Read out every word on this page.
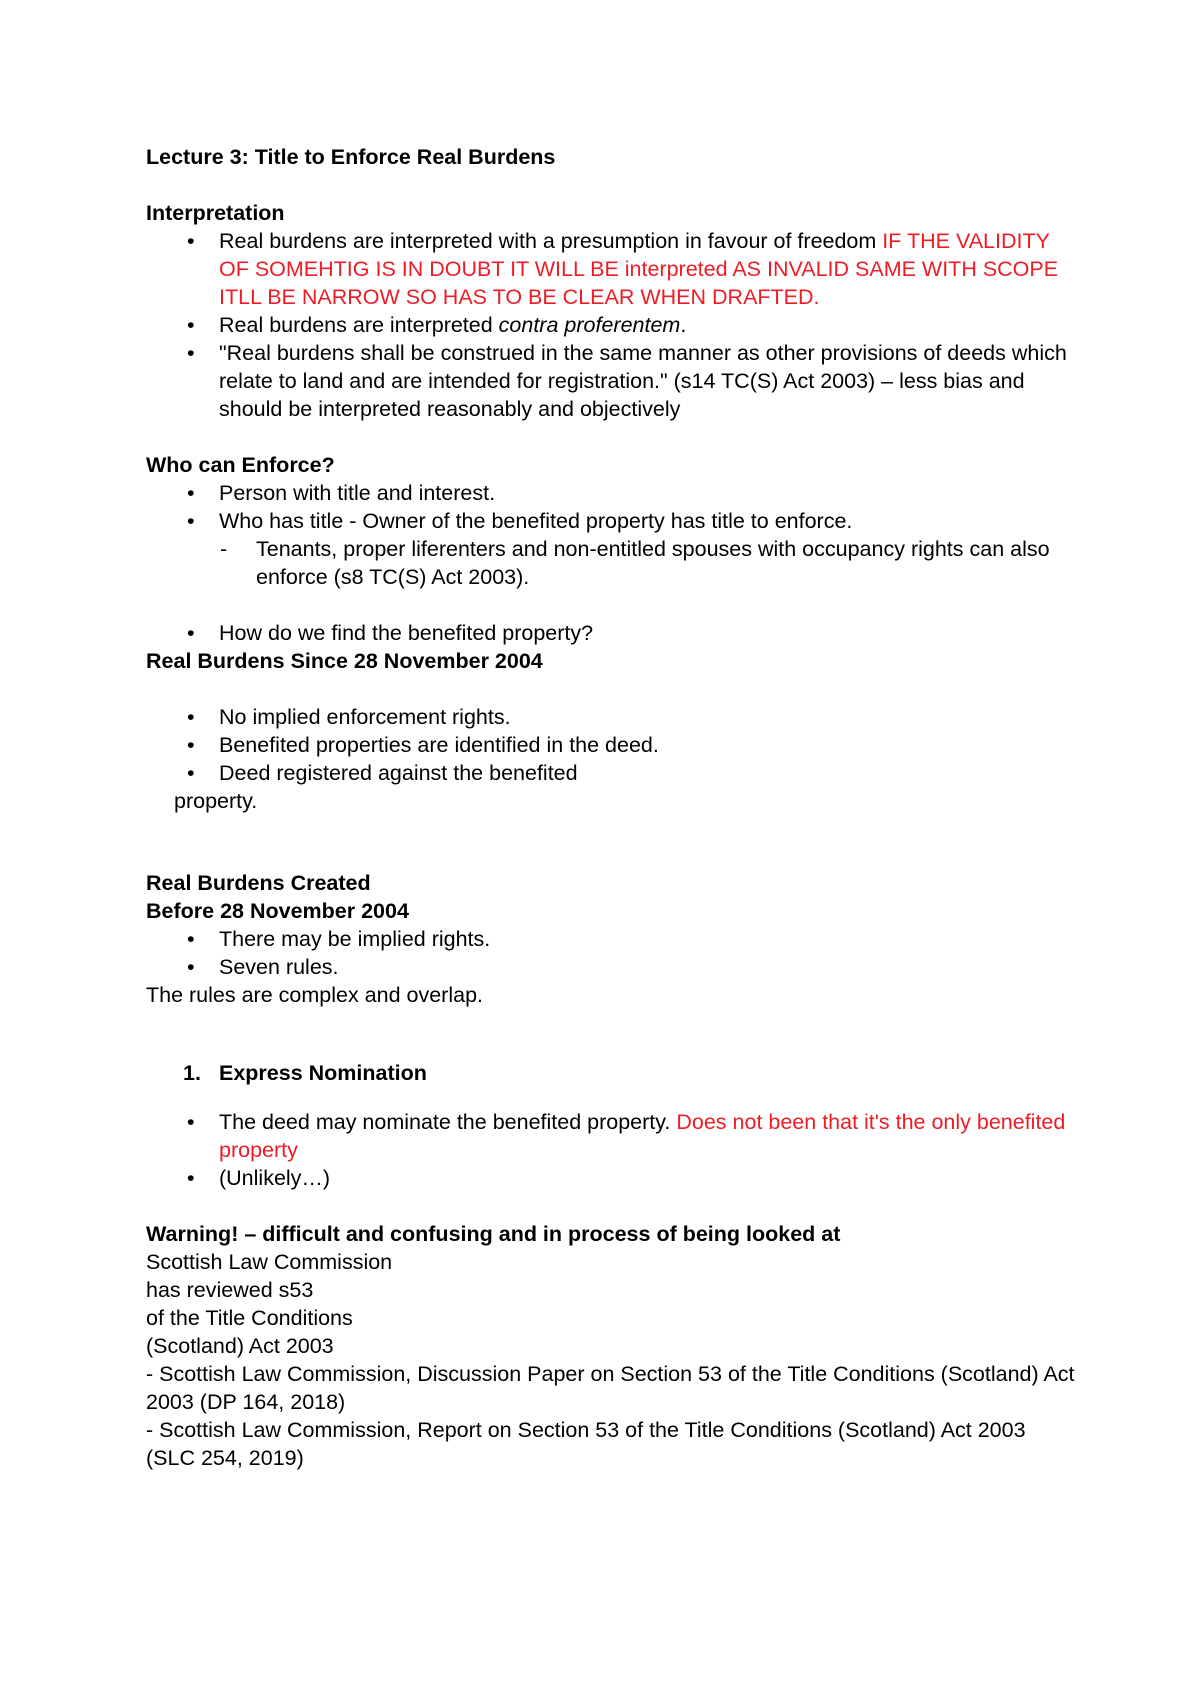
Lecture 3: Title to Enforce Real Burdens

Interpretation

• Real burdens are interpreted with a presumption in favour of freedom IF THE VALIDITY OF SOMEHTIG IS IN DOUBT IT WILL BE interpreted AS INVALID SAME WITH SCOPE ITLL BE NARROW SO HAS TO BE CLEAR WHEN DRAFTED.
• Real burdens are interpreted contra proferentem.
• "Real burdens shall be construed in the same manner as other provisions of deeds which relate to land and are intended for registration." (s14 TC(S) Act 2003) – less bias and should be interpreted reasonably and objectively

Who can Enforce?

• Person with title and interest.
• Who has title - Owner of the benefited property has title to enforce.
- Tenants, proper liferenters and non-entitled spouses with occupancy rights can also enforce (s8 TC(S) Act 2003).
• How do we find the benefited property?

Real Burdens Since 28 November 2004

• No implied enforcement rights.
• Benefited properties are identified in the deed.
• Deed registered against the benefited

property.

Real Burdens Created

Before 28 November 2004

• There may be implied rights.
• Seven rules.

The rules are complex and overlap.

1. Express Nomination

• The deed may nominate the benefited property. Does not been that it's the only benefited property
• (Unlikely…)

Warning! – difficult and confusing and in process of being looked at

Scottish Law Commission

has reviewed s53

of the Title Conditions

(Scotland) Act 2003

- Scottish Law Commission, Discussion Paper on Section 53 of the Title Conditions (Scotland) Act 2003 (DP 164, 2018)

- Scottish Law Commission, Report on Section 53 of the Title Conditions (Scotland) Act 2003 (SLC 254, 2019)
